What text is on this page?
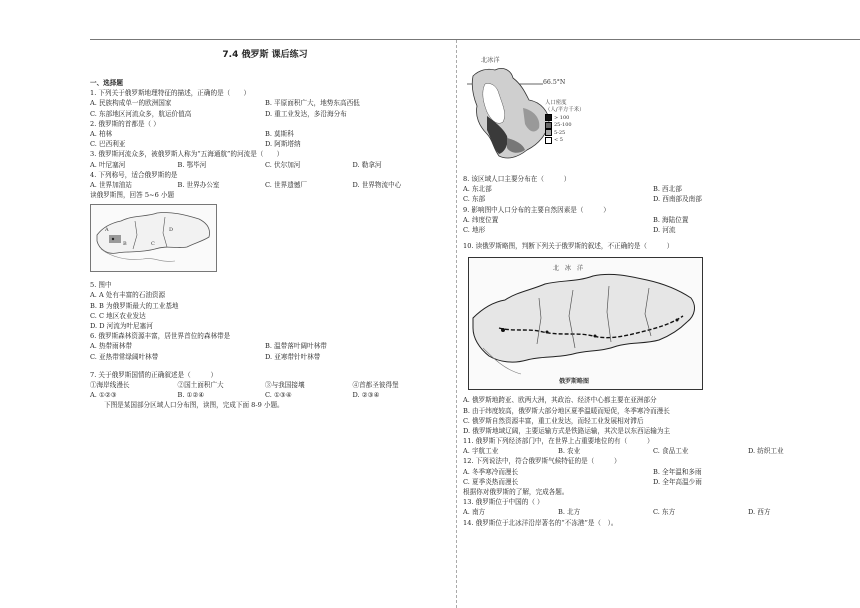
7.4 俄罗斯 课后练习
一、选择题
1. 下列关于俄罗斯地理特征的描述，正确的是（　　）
A. 民族构成单一的欧洲国家	B. 平原面积广大，地势东高西低
C. 东部地区河流众多，航运价值高	D. 重工业发达，多沿海分布
2. 俄罗斯的首都是（ ）
A. 柏林	B. 莫斯科
C. 巴西利亚	D. 阿斯塔纳
3. 俄罗斯河流众多，被俄罗斯人称为“五海通航”的河流是（　　）
A. 叶尼塞河	B. 鄂毕河	C. 伏尔加河	D. 勒拿河
4. 下列称号，适合俄罗斯的是
A. 世界加油站	B. 世界办公室	C. 世界遗憾厂	D. 世界物流中心
读俄罗斯图，回答 5~6 小题
A
B	C
D
5. 图中
A. A 处有丰富的石油资源
B. B 为俄罗斯最大的工业基地
C. C 地区农业发达
D. D 河流为叶尼塞河
6. 俄罗斯森林资源丰富，居世界首位的森林带是
A. 热带雨林带	B. 温带落叶阔叶林带
C. 亚热带常绿阔叶林带	D. 亚寒带针叶林带
7. 关于俄罗斯国情的正确叙述是（　　　）
①海岸线漫长	②国土面积广大	③与我国接壤	④首都圣彼得堡
A. ①②③	B. ①②④	C. ①③④	D. ②③④
下图是某国部分区域人口分布图，读图，完成下面 8-9 小题。
北冰洋
66.5°N
人口密度
（人/平方千米）
> 100
25-100
5-25
< 5
8. 该区域人口主要分布在（　　　）
A. 东北部	B. 西北部
C. 东部	D. 西南部及南部
9. 影响图中人口分布的主要自然因素是（　　　）
A. 纬度位置	B. 海陆位置
C. 地形	D. 河流
10. 读俄罗斯略图，判断下列关于俄罗斯的叙述，不正确的是（　　　）
北　冰　洋
俄罗斯略图
A. 俄罗斯地跨亚、欧两大洲，其政治、经济中心都主要在亚洲部分
B. 由于纬度较高，俄罗斯大部分地区夏季温暖而短促，冬季寒冷而漫长
C. 俄罗斯自然资源丰富，重工业发达，而轻工业发展相对滞后
D. 俄罗斯地域辽阔，主要运输方式是铁路运输，其次是以东西运输为主
11. 俄罗斯下列经济部门中，在世界上占重要地位的有（　　　）
A. 宇航工业	B. 农业	C. 食品工业	D. 纺织工业
12. 下列说法中，符合俄罗斯气候特征的是（　　　）
A. 冬季寒冷而漫长	B. 全年温和多雨
C. 夏季炎热而漫长	D. 全年高温少雨
根据你对俄罗斯的了解，完成各题。
13. 俄罗斯位于中国的（ ）
A. 南方	B. 北方	C. 东方	D. 西方
14. 俄罗斯位于北冰洋沿岸著名的“不冻港”是（　）。
